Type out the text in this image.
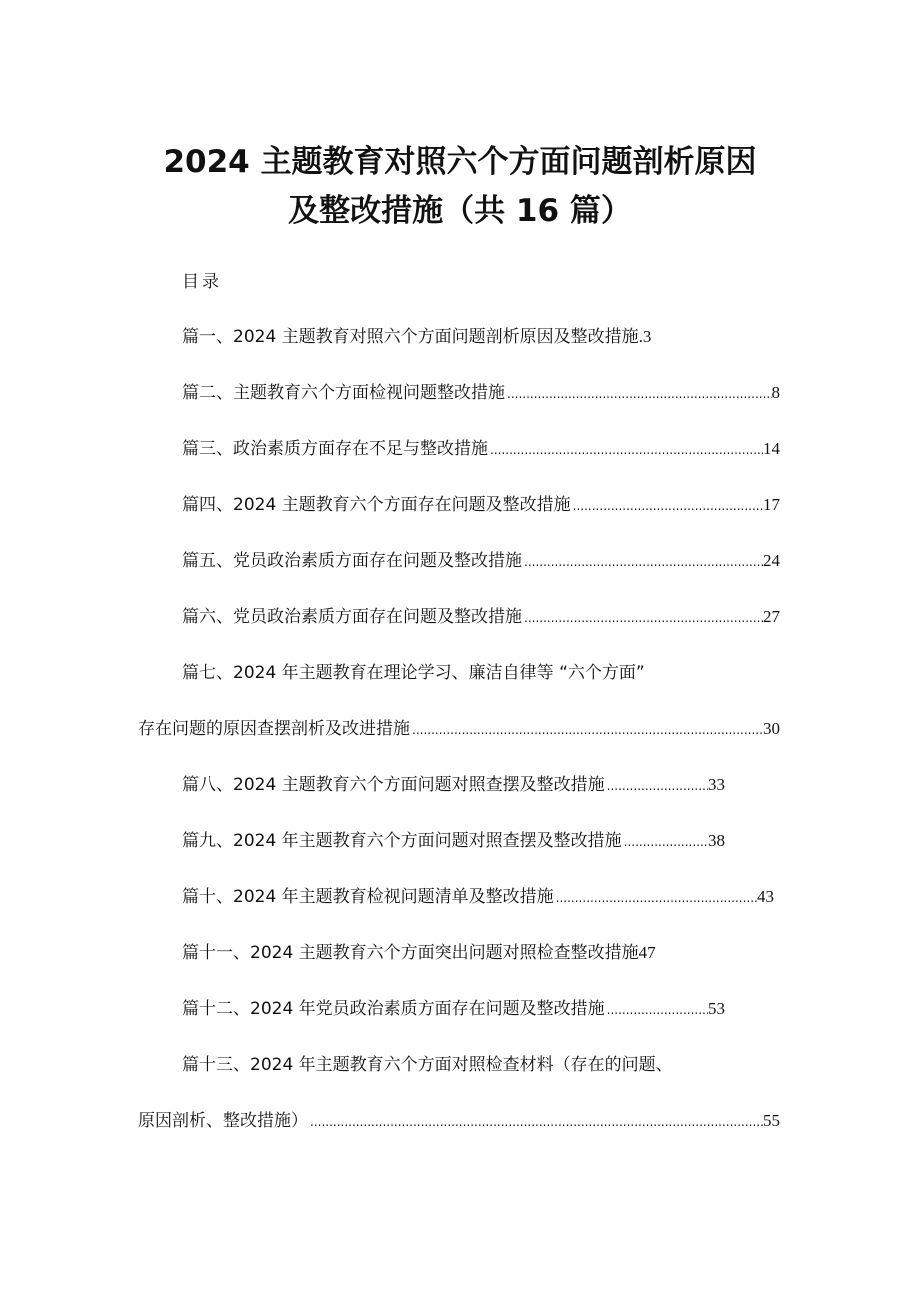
2024 主题教育对照六个方面问题剖析原因
及整改措施（共 16 篇）
目录
篇一、2024 主题教育对照六个方面问题剖析原因及整改措施 .3
篇二、主题教育六个方面检视问题整改措施 .....	8
篇三、政治素质方面存在不足与整改措施 .....	14
篇四、2024 主题教育六个方面存在问题及整改措施 .....	17
篇五、党员政治素质方面存在问题及整改措施 .....	24
篇六、党员政治素质方面存在问题及整改措施 .....	27
篇七、2024 年主题教育在理论学习、廉洁自律等 “六个方面”
存在问题的原因查摆剖析及改进措施 .....	30
篇八、2024 主题教育六个方面问题对照查摆及整改措施 .....	33
篇九、2024 年主题教育六个方面问题对照查摆及整改措施 .....	38
篇十、2024 年主题教育检视问题清单及整改措施 .....	43
篇十一、2024 主题教育六个方面突出问题对照检查整改措施 47
篇十二、2024 年党员政治素质方面存在问题及整改措施 .....	53
篇十三、2024 年主题教育六个方面对照检查材料（存在的问题、
原因剖析、整改措施） .....	55
